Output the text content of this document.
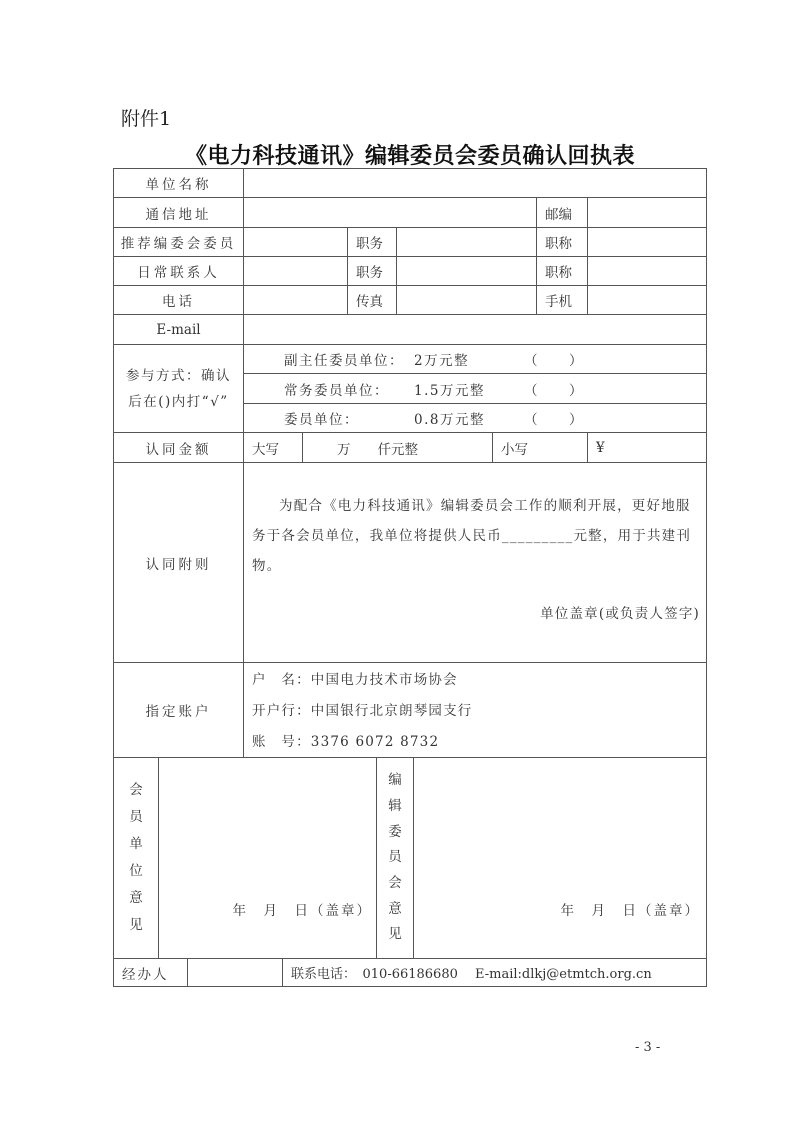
附件1
《电力科技通讯》编辑委员会委员确认回执表
单位名称
通信地址	邮编
推荐编委会委员	职务	职称
日常联系人	职务	职称
电话	传真	手机
E-mail
参与方式：确认
后在()内打“√”
副主任委员单位： 2万元整	（　　）
常务委员单位：	1.5万元整	（　　）
委员单位：	0.8万元整	（　　）
认同金额	大写	万　　仟元整	小写	¥
认同附则
为配合《电力科技通讯》编辑委员会工作的顺利开展，更好地服务于各会员单位，我单位将提供人民币_________元整，用于共建刊物。
单位盖章(或负责人签字)
指定账户
户　名：中国电力技术市场协会
开户行：中国银行北京朗琴园支行
账　号：3376 6072 8732
会
员
单
位
意
见
年　月　日（盖章）
编
辑
委
员
会
意
见
年　月　日（盖章）
经办人	联系电话：　010-66186680　 E-mail:dlkj@etmtch.org.cn
- 3 -
